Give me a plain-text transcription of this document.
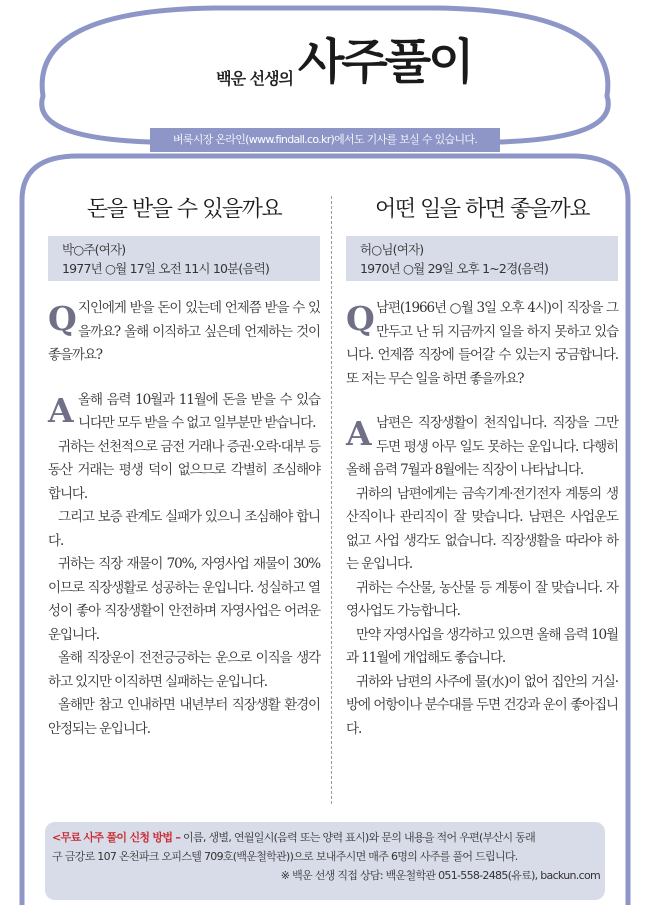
백운 선생의 사주풀이
벼룩시장 온라인(www.findall.co.kr)에서도 기사를 보실 수 있습니다.
돈을 받을 수 있을까요
박○주(여자)
1977년 ○월 17일 오전 11시 10분(음력)
Q 지인에게 받을 돈이 있는데 언제쯤 받을 수 있을까요? 올해 이직하고 싶은데 언제하는 것이 좋을까요?

A 올해 음력 10월과 11월에 돈을 받을 수 있습니다만 모두 받을 수 없고 일부분만 받습니다.

귀하는 선천적으로 금전 거래나 증권·오락·대부 등 동산 거래는 평생 덕이 없으므로 각별히 조심해야 합니다.

그리고 보증 관계도 실패가 있으니 조심해야 합니다.

귀하는 직장 재물이 70%, 자영사업 재물이 30%이므로 직장생활로 성공하는 운입니다. 성실하고 열성이 좋아 직장생활이 안전하며 자영사업은 어려운 운입니다.

올해 직장운이 전전긍긍하는 운으로 이직을 생각하고 있지만 이직하면 실패하는 운입니다.

올해만 참고 인내하면 내년부터 직장생활 환경이 안정되는 운입니다.

어떤 일을 하면 좋을까요
허○님(여자)
1970년 ○월 29일 오후 1~2경(음력)
Q 남편(1966년 ○월 3일 오후 4시)이 직장을 그만두고 난 뒤 지금까지 일을 하지 못하고 있습니다. 언제쯤 직장에 들어갈 수 있는지 궁금합니다. 또 저는 무슨 일을 하면 좋을까요?

A 남편은 직장생활이 천직입니다. 직장을 그만두면 평생 아무 일도 못하는 운입니다. 다행히 올해 음력 7월과 8월에는 직장이 나타납니다.

귀하의 남편에게는 금속기계·전기전자 계통의 생산직이나 관리직이 잘 맞습니다. 남편은 사업운도 없고 사업 생각도 없습니다. 직장생활을 따라야 하는 운입니다.

귀하는 수산물, 농산물 등 계통이 잘 맞습니다. 자영사업도 가능합니다.

만약 자영사업을 생각하고 있으면 올해 음력 10월과 11월에 개업해도 좋습니다.

귀하와 남편의 사주에 물(水)이 없어 집안의 거실·방에 어항이나 분수대를 두면 건강과 운이 좋아집니다.

<무료 사주 풀이 신청 방법 – 이름, 생별, 연월일시(음력 또는 양력 표시)와 문의 내용을 적어 우편(부산시 동래
구 금강로 107 온천파크 오피스텔 709호(백운철학관))으로 보내주시면 매주 6명의 사주를 풀어 드립니다.
※ 백운 선생 직접 상담: 백운철학관 051-558-2485(유료), backun.com
